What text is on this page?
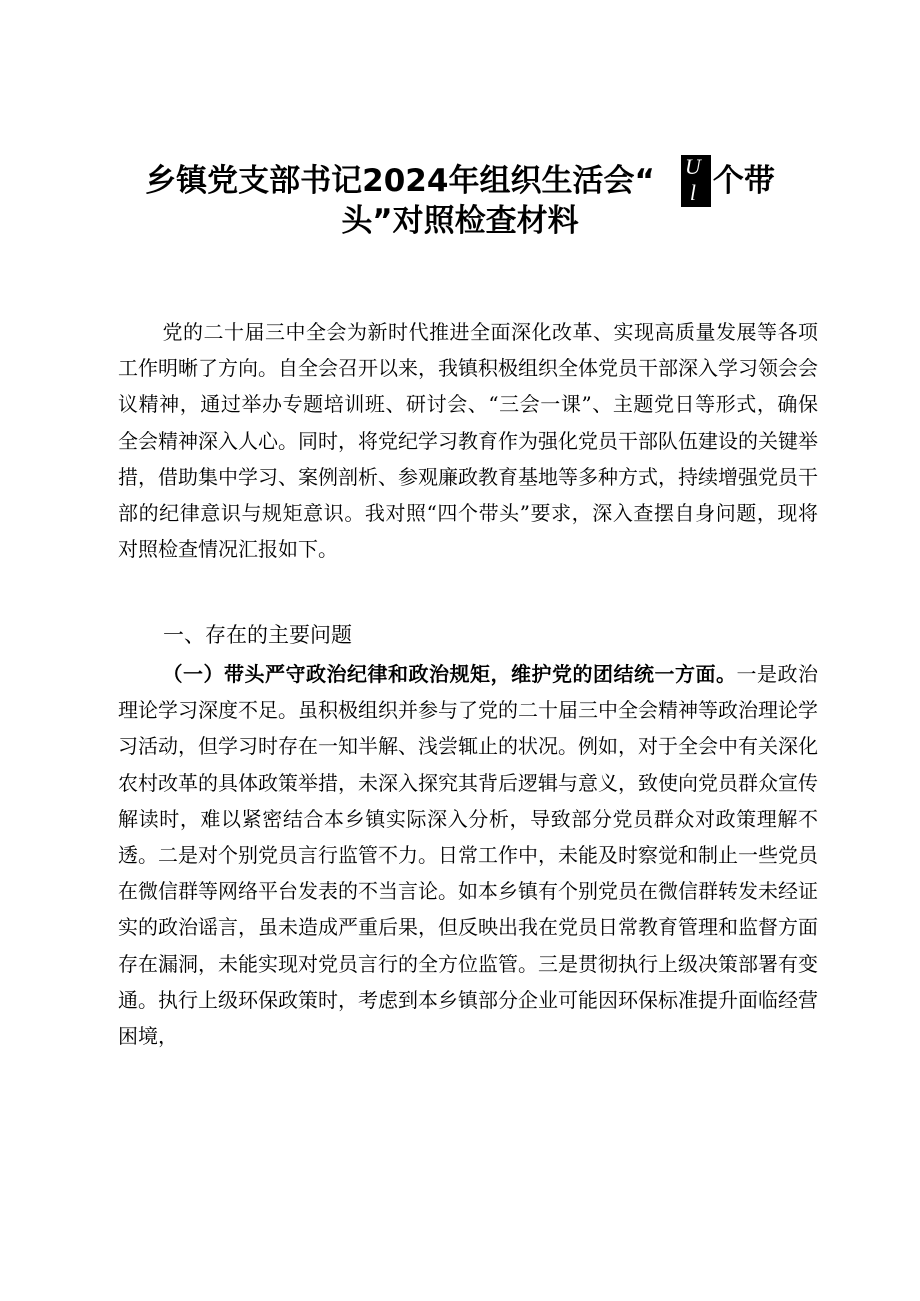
乡镇党支部书记2024年组织生活会“ U
l 个带
头”对照检查材料
党的二十届三中全会为新时代推进全面深化改革、实现高质量发展等各项工作明晰了方向。自全会召开以来，我镇积极组织全体党员干部深入学习领会会议精神，通过举办专题培训班、研讨会、“三会一课”、主题党日等形式，确保全会精神深入人心。同时，将党纪学习教育作为强化党员干部队伍建设的关键举措，借助集中学习、案例剖析、参观廉政教育基地等多种方式，持续增强党员干部的纪律意识与规矩意识。我对照“四个带头”要求，深入查摆自身问题，现将对照检查情况汇报如下。
一、存在的主要问题
（一）带头严守政治纪律和政治规矩，维护党的团结统一方面。一是政治理论学习深度不足。虽积极组织并参与了党的二十届三中全会精神等政治理论学习活动，但学习时存在一知半解、浅尝辄止的状况。例如，对于全会中有关深化农村改革的具体政策举措，未深入探究其背后逻辑与意义，致使向党员群众宣传解读时，难以紧密结合本乡镇实际深入分析，导致部分党员群众对政策理解不透。二是对个别党员言行监管不力。日常工作中，未能及时察觉和制止一些党员在微信群等网络平台发表的不当言论。如本乡镇有个别党员在微信群转发未经证实的政治谣言，虽未造成严重后果，但反映出我在党员日常教育管理和监督方面存在漏洞，未能实现对党员言行的全方位监管。三是贯彻执行上级决策部署有变通。执行上级环保政策时，考虑到本乡镇部分企业可能因环保标准提升面临经营困境，
